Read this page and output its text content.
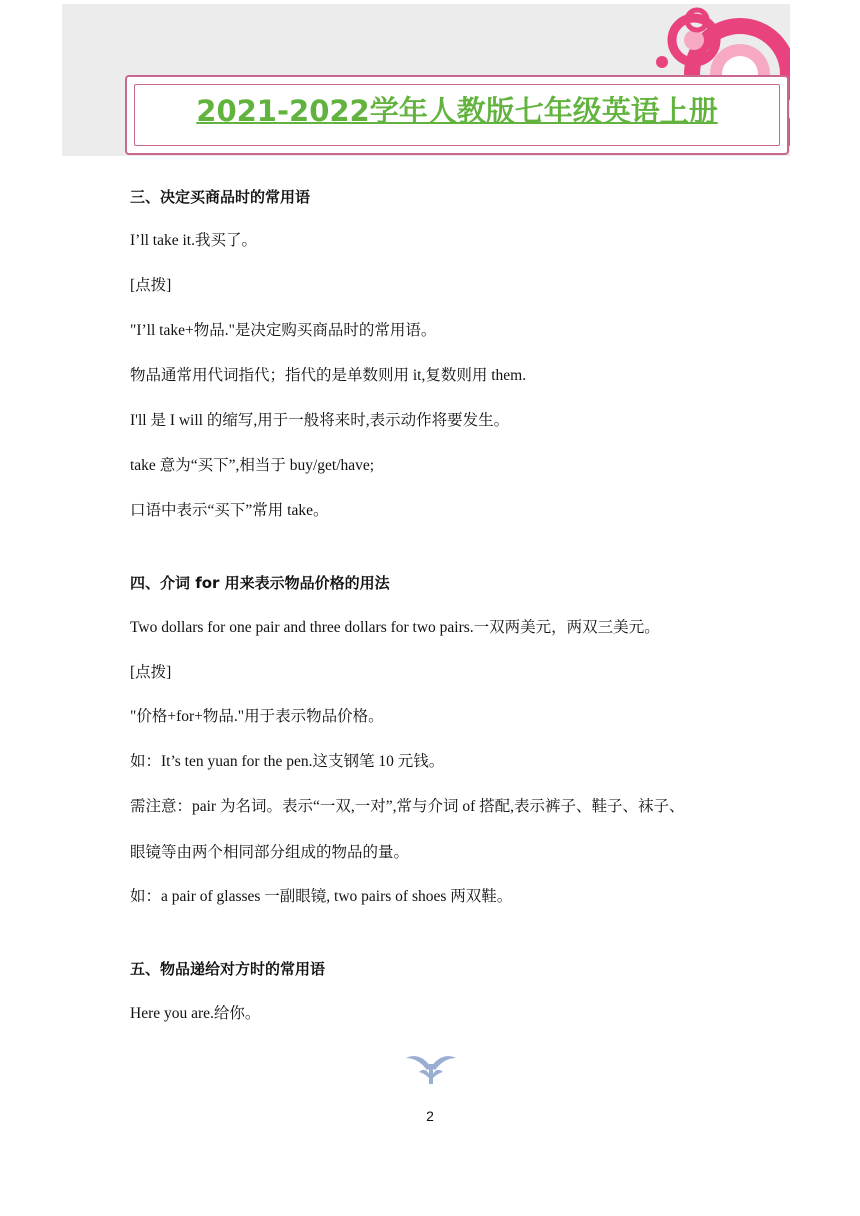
2021-2022学年人教版七年级英语上册
三、决定买商品时的常用语
I’ll take it.我买了。
[点拨]
"I’ll take+物品."是决定购买商品时的常用语。
物品通常用代词指代；指代的是单数则用 it,复数则用 them.
I'll 是 I will 的缩写,用于一般将来时,表示动作将要发生。
take 意为“买下”,相当于 buy/get/have;
口语中表示“买下”常用 take。
四、介词 for 用来表示物品价格的用法
Two dollars for one pair and three dollars for two pairs.一双两美元，两双三美元。
[点拨]
"价格+for+物品."用于表示物品价格。
如：It’s ten yuan for the pen.这支钢笔 10 元钱。
需注意：pair 为名词。表示“一双,一对”,常与介词 of 搭配,表示裤子、鞋子、袜子、
眼镜等由两个相同部分组成的物品的量。
如：a pair of glasses 一副眼镜, two pairs of shoes 两双鞋。
五、物品递给对方时的常用语
Here you are.给你。
2
